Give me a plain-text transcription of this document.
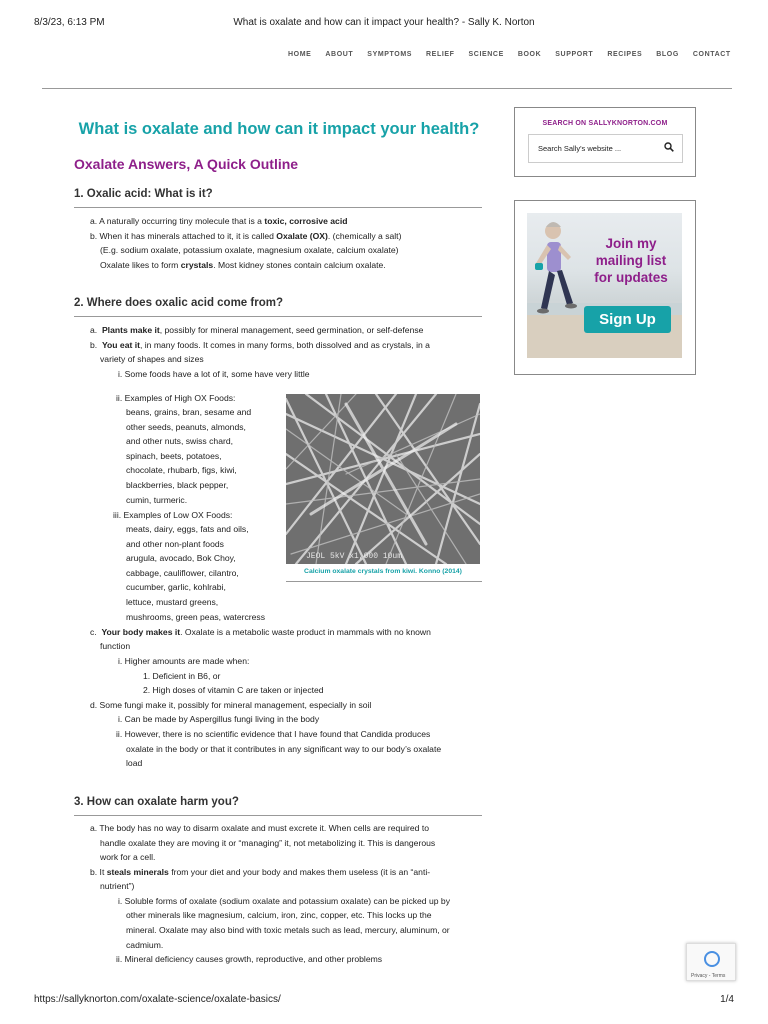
8/3/23, 6:13 PM	What is oxalate and how can it impact your health? - Sally K. Norton
HOME ABOUT SYMPTOMS RELIEF SCIENCE BOOK SUPPORT RECIPES BLOG CONTACT
What is oxalate and how can it impact your health?
Oxalate Answers, A Quick Outline
1. Oxalic acid: What is it?
a. A naturally occurring tiny molecule that is a toxic, corrosive acid
b. When it has minerals attached to it, it is called Oxalate (OX). (chemically a salt)
(E.g. sodium oxalate, potassium oxalate, magnesium oxalate, calcium oxalate)
Oxalate likes to form crystals. Most kidney stones contain calcium oxalate.
2. Where does oxalic acid come from?
a.  Plants make it, possibly for mineral management, seed germination, or self-defense
b.  You eat it, in many foods. It comes in many forms, both dissolved and as crystals, in a
variety of shapes and sizes
i. Some foods have a lot of it, some have very little
ii. Examples of High OX Foods:
beans, grains, bran, sesame and
other seeds, peanuts, almonds,
and other nuts, swiss chard,
spinach, beets, potatoes,
chocolate, rhubarb, figs, kiwi,
blackberries, black pepper,
cumin, turmeric.
iii. Examples of Low OX Foods:
meats, dairy, eggs, fats and oils,
and other non-plant foods
arugula, avocado, Bok Choy,
cabbage, cauliflower, cilantro,
cucumber, garlic, kohlrabi,
lettuce, mustard greens,
mushrooms, green peas, watercress
JEOL 5kV x1,000 10um
Calcium oxalate crystals from kiwi. Konno (2014)
c.  Your body makes it. Oxalate is a metabolic waste product in mammals with no known
function
i. Higher amounts are made when:
1. Deficient in B6, or
2. High doses of vitamin C are taken or injected
d. Some fungi make it, possibly for mineral management, especially in soil
i. Can be made by Aspergillus fungi living in the body
ii. However, there is no scientific evidence that I have found that Candida produces
oxalate in the body or that it contributes in any significant way to our body’s oxalate
load
3. How can oxalate harm you?
a. The body has no way to disarm oxalate and must excrete it. When cells are required to
handle oxalate they are moving it or “managing” it, not metabolizing it. This is dangerous
work for a cell.
b. It steals minerals from your diet and your body and makes them useless (it is an “anti-
nutrient”)
i. Soluble forms of oxalate (sodium oxalate and potassium oxalate) can be picked up by
other minerals like magnesium, calcium, iron, zinc, copper, etc. This locks up the
mineral. Oxalate may also bind with toxic metals such as lead, mercury, aluminum, or
cadmium.
ii. Mineral deficiency causes growth, reproductive, and other problems
SEARCH ON SALLYKNORTON.COM
Search Sally's website ...
Join my
mailing list
for updates
Sign Up
Privacy - Terms
https://sallyknorton.com/oxalate-science/oxalate-basics/	1/4
